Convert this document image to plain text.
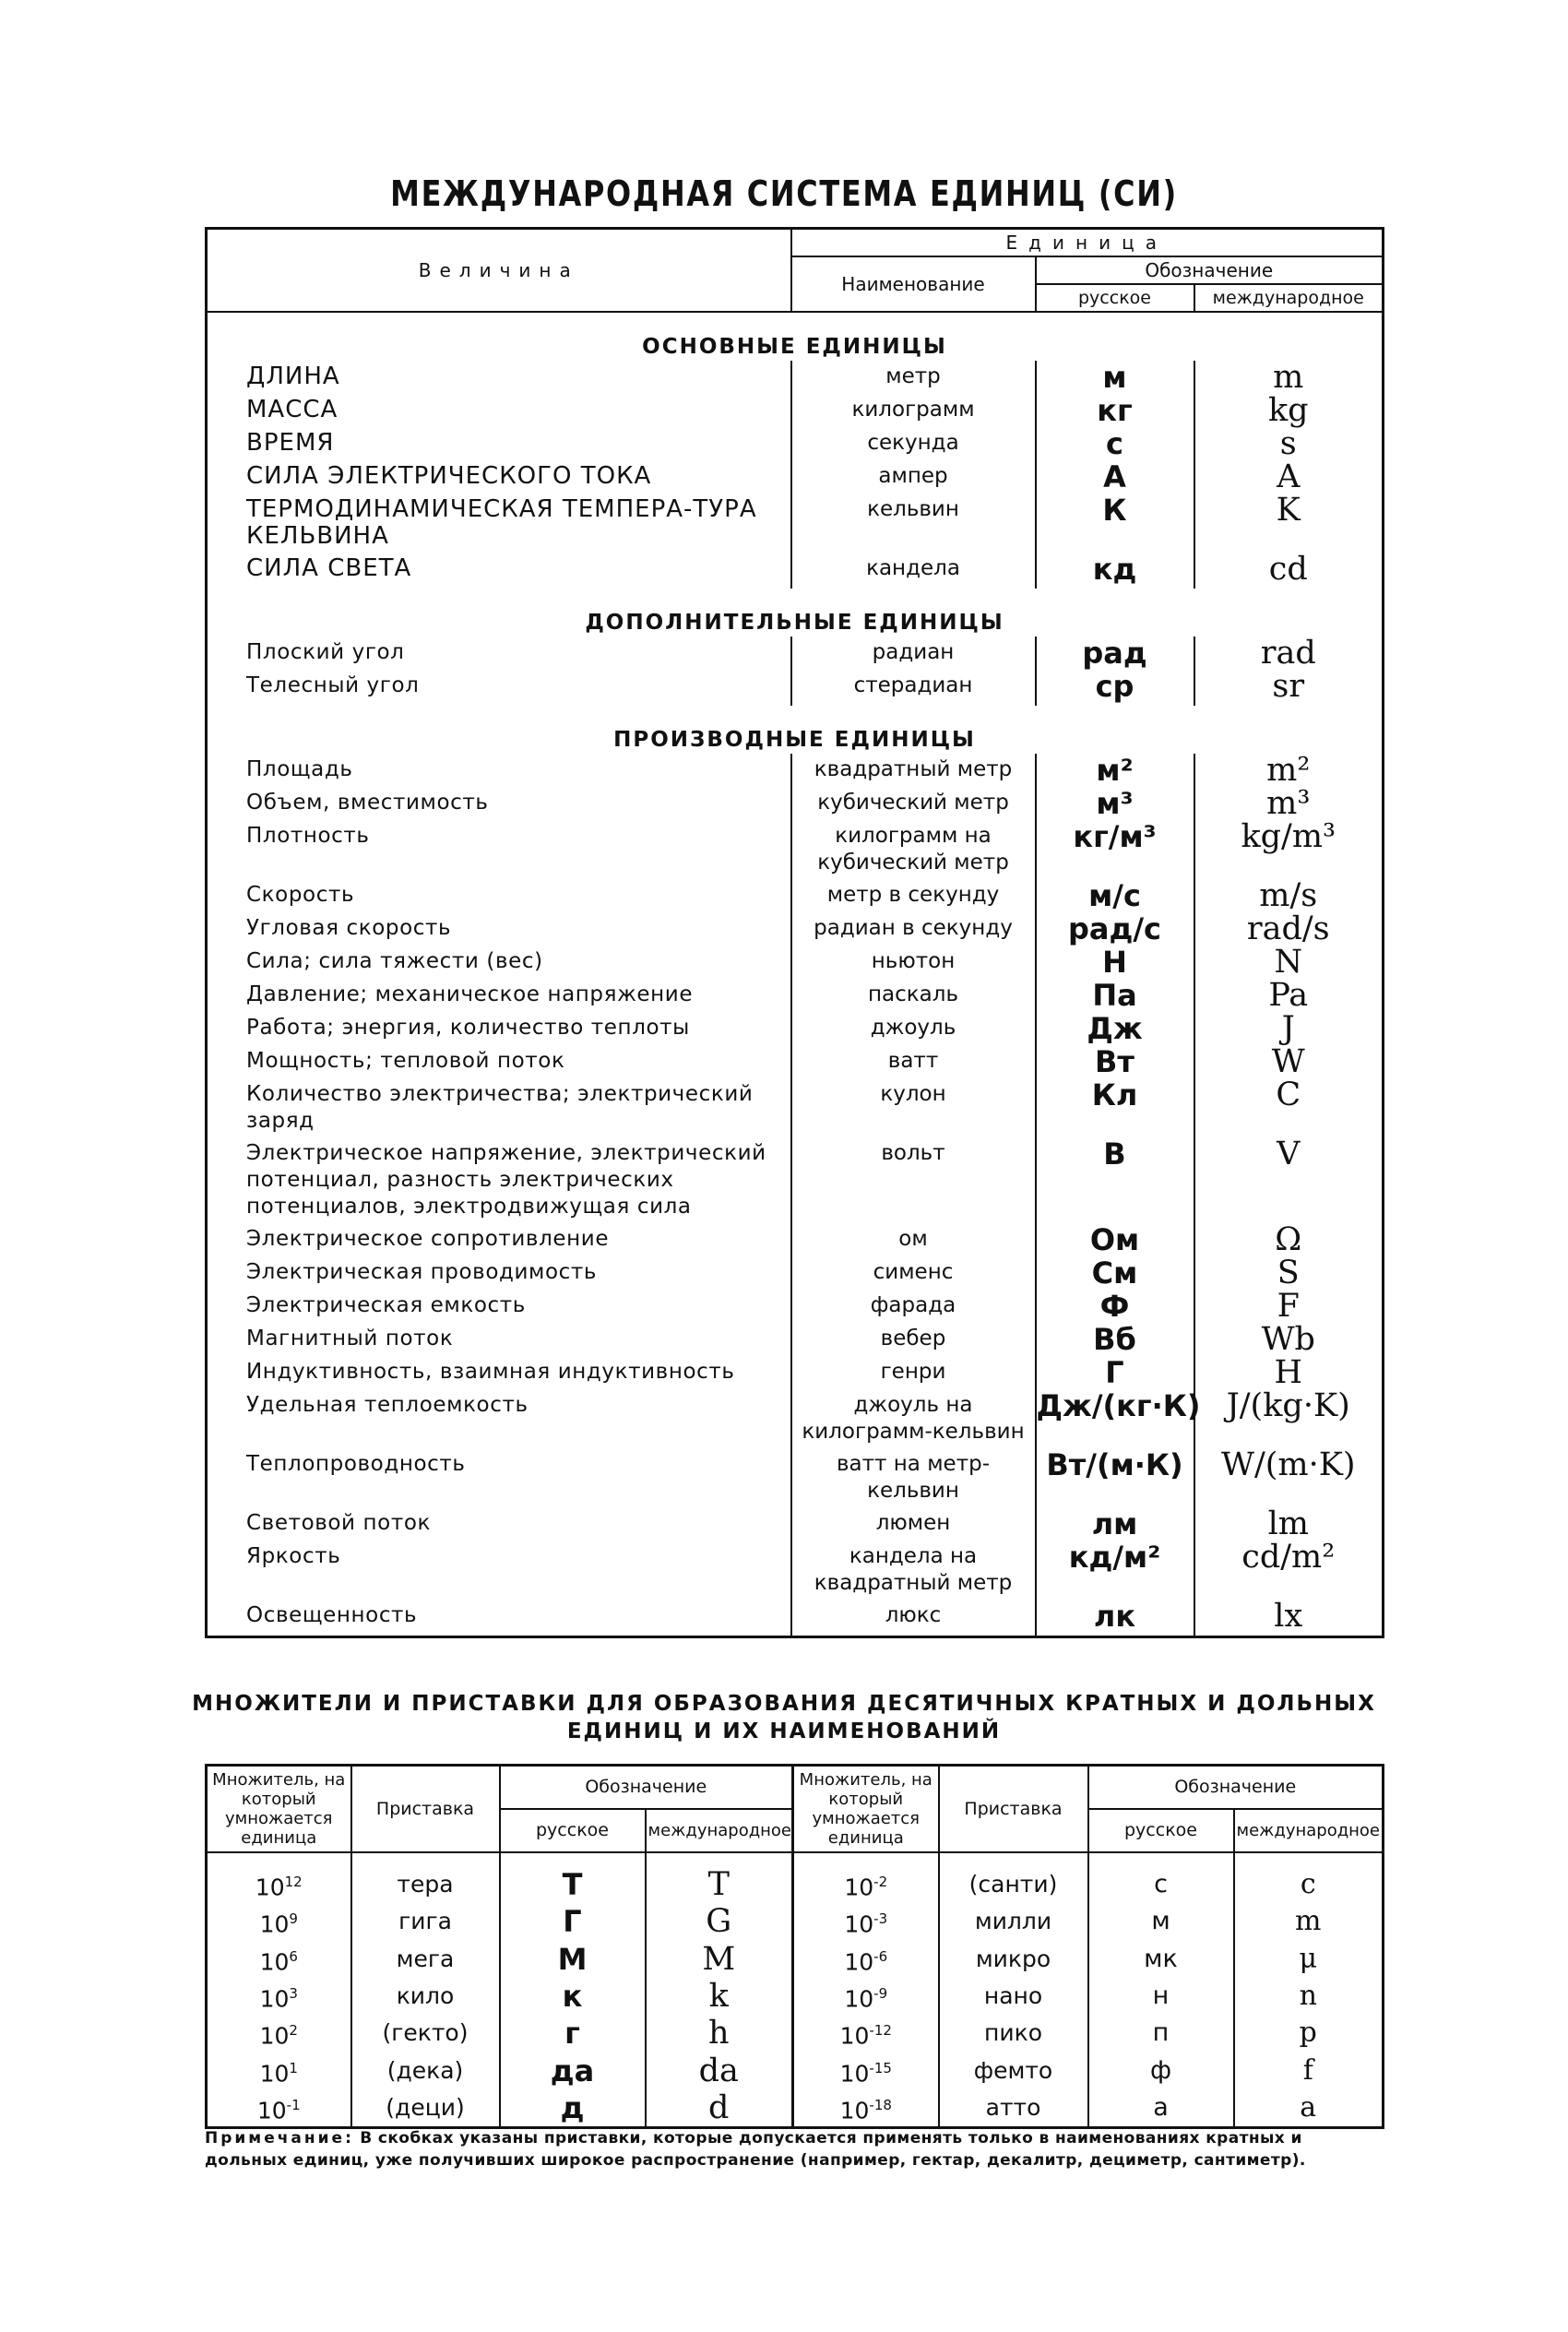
МЕЖДУНАРОДНАЯ СИСТЕМА ЕДИНИЦ (СИ)
Величина	Единица		
	Наименование	Обозначение	
		русское	международное
ОСНОВНЫЕ ЕДИНИЦЫ			
ДЛИНА	метр	м	m
МАССА	килограмм	кг	kg
ВРЕМЯ	секунда	с	s
СИЛА ЭЛЕКТРИЧЕСКОГО ТОКА	ампер	А	A
ТЕРМОДИНАМИЧЕСКАЯ ТЕМПЕРА-ТУРА КЕЛЬВИНА	кельвин	К	K
СИЛА СВЕТА	кандела	кд	cd
ДОПОЛНИТЕЛЬНЫЕ ЕДИНИЦЫ			
Плоский угол	радиан	рад	rad
Телесный угол	стерадиан	ср	sr
ПРОИЗВОДНЫЕ ЕДИНИЦЫ			
Площадь	квадратный метр	м²	m²
Объем, вместимость	кубический метр	м³	m³
Плотность	килограмм на кубический метр	кг/м³	kg/m³
Скорость	метр в секунду	м/с	m/s
Угловая скорость	радиан в секунду	рад/с	rad/s
Сила; сила тяжести (вес)	ньютон	Н	N
Давление; механическое напряжение	паскаль	Па	Pa
Работа; энергия, количество теплоты	джоуль	Дж	J
Мощность; тепловой поток	ватт	Вт	W
Количество электричества; электрический заряд	кулон	Кл	C
Электрическое напряжение, электрический потенциал, разность электрических потенциалов, электродвижущая сила	вольт	В	V
Электрическое сопротивление	ом	Ом	Ω
Электрическая проводимость	сименс	См	S
Электрическая емкость	фарада	Ф	F
Магнитный поток	вебер	Вб	Wb
Индуктивность, взаимная индуктивность	генри	Г	H
Удельная теплоемкость	джоуль на килограмм-кельвин	Дж/(кг·К)	J/(kg·K)
Теплопроводность	ватт на метр-кельвин	Вт/(м·К)	W/(m·K)
Световой поток	люмен	лм	lm
Яркость	кандела на квадратный метр	кд/м²	cd/m²
Освещенность	люкс	лк	lx
МНОЖИТЕЛИ И ПРИСТАВКИ ДЛЯ ОБРАЗОВАНИЯ ДЕСЯТИЧНЫХ КРАТНЫХ И ДОЛЬНЫХ
ЕДИНИЦ И ИХ НАИМЕНОВАНИЙ
Множитель, на который умножается единица	Приставка	Обозначение		Множитель, на который умножается единица	Приставка	Обозначение	
		русское	международное			русское	международное
$10^{12}$	тера	Т	T	$10^{-2}$	(санти)	с	c
$10^9$	гига	Г	G	$10^{-3}$	милли	м	m
$10^6$	мега	М	M	$10^{-6}$	микро	мк	μ
$10^3$	кило	к	k	$10^{-9}$	нано	н	n
$10^2$	(гекто)	г	h	$10^{-12}$	пико	п	p
$10^1$	(дека)	да	da	$10^{-15}$	фемто	ф	f
$10^{-1}$	(деци)	д	d	$10^{-18}$	атто	а	a
Примечание: В скобках указаны приставки, которые допускается применять только в наименованиях кратных и дольных единиц, уже получивших широкое распространение (например, гектар, декалитр, дециметр, сантиметр).
